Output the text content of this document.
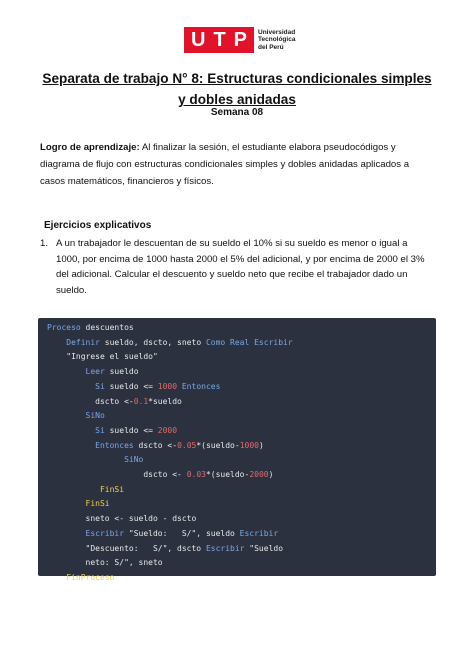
U T P Universidad
Tecnológica
del Perú
Separata de trabajo N° 8: Estructuras condicionales simples y dobles anidadas
Semana 08
Logro de aprendizaje: Al finalizar la sesión, el estudiante elabora pseudocódigos y diagrama de flujo con estructuras condicionales simples y dobles anidadas aplicados a casos matemáticos, financieros y físicos.
Ejercicios explicativos
1. A un trabajador le descuentan de su sueldo el 10% si su sueldo es menor o igual a 1000, por encima de 1000 hasta 2000 el 5% del adicional, y por encima de 2000 el 3% del adicional. Calcular el descuento y sueldo neto que recibe el trabajador dado un sueldo.
Proceso descuentos
Definir sueldo, dscto, sneto Como Real Escribir
"Ingrese el sueldo"
Leer sueldo
Si sueldo <= 1000 Entonces
dscto <-0.1*sueldo
SiNo
Si sueldo <= 2000
Entonces dscto <-0.05*(sueldo-1000)
SiNo
dscto <- 0.03*(sueldo-2000)
FinSi
FinSi
sneto <- sueldo - dscto
Escribir "Sueldo:   S/", sueldo Escribir
"Descuento:   S/", dscto Escribir "Sueldo
neto: S/", sneto
FinProceso
